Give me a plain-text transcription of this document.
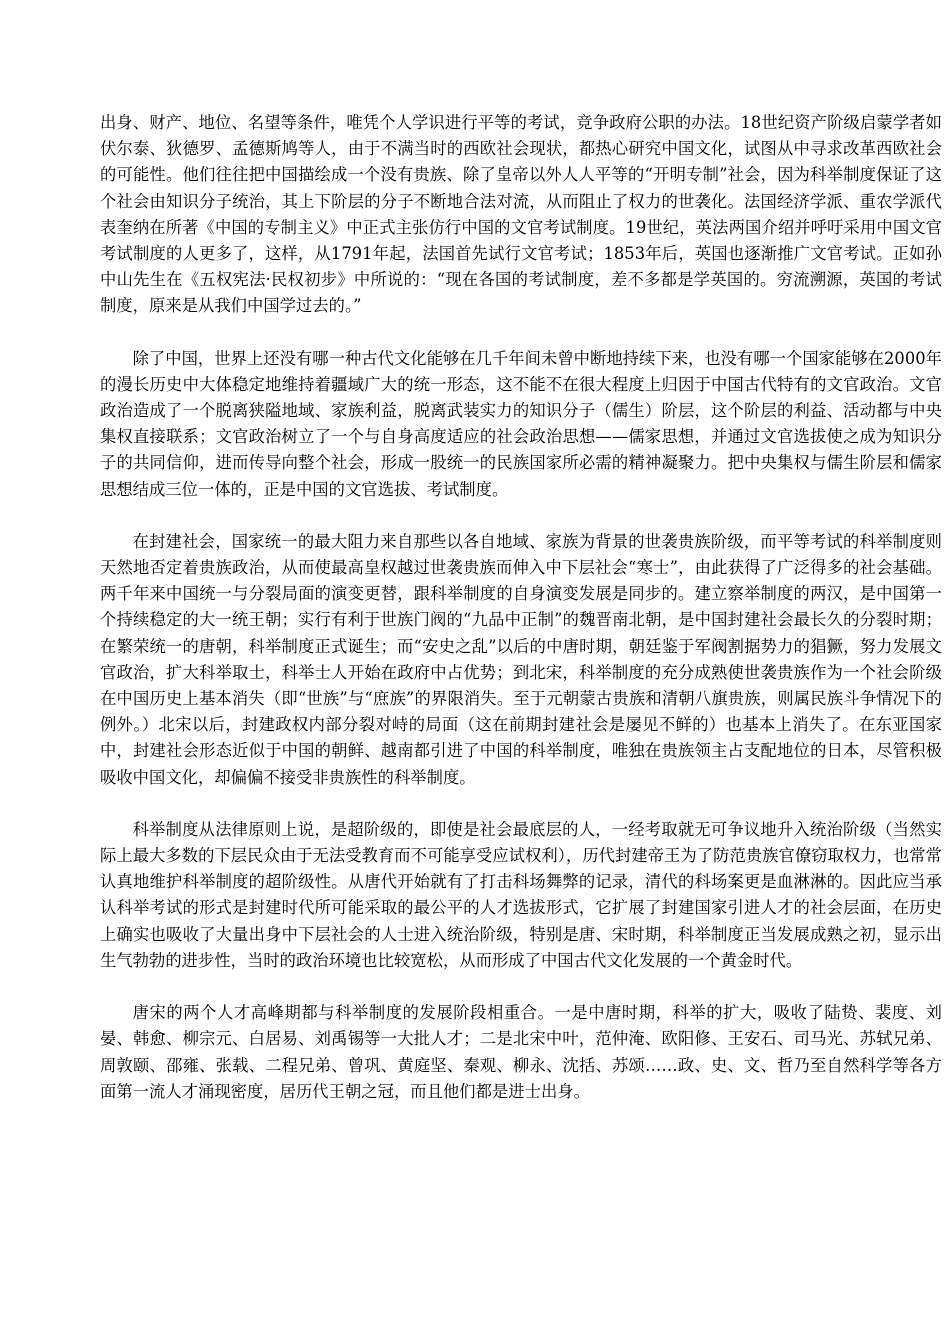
出身、财产、地位、名望等条件，唯凭个人学识进行平等的考试，竞争政府公职的办法。18世纪资产阶级启蒙学者如伏尔泰、狄德罗、孟德斯鸠等人，由于不满当时的西欧社会现状，都热心研究中国文化，试图从中寻求改革西欧社会的可能性。他们往往把中国描绘成一个没有贵族、除了皇帝以外人人平等的“开明专制”社会，因为科举制度保证了这个社会由知识分子统治，其上下阶层的分子不断地合法对流，从而阻止了权力的世袭化。法国经济学派、重农学派代表奎纳在所著《中国的专制主义》中正式主张仿行中国的文官考试制度。19世纪，英法两国介绍并呼吁采用中国文官考试制度的人更多了，这样，从1791年起，法国首先试行文官考试；1853年后，英国也逐渐推广文官考试。正如孙中山先生在《五权宪法·民权初步》中所说的：“现在各国的考试制度，差不多都是学英国的。穷流溯源，英国的考试制度，原来是从我们中国学过去的。”

除了中国，世界上还没有哪一种古代文化能够在几千年间未曾中断地持续下来，也没有哪一个国家能够在2000年的漫长历史中大体稳定地维持着疆域广大的统一形态，这不能不在很大程度上归因于中国古代特有的文官政治。文官政治造成了一个脱离狭隘地域、家族利益，脱离武装实力的知识分子（儒生）阶层，这个阶层的利益、活动都与中央集权直接联系；文官政治树立了一个与自身高度适应的社会政治思想——儒家思想，并通过文官选拔使之成为知识分子的共同信仰，进而传导向整个社会，形成一股统一的民族国家所必需的精神凝聚力。把中央集权与儒生阶层和儒家思想结成三位一体的，正是中国的文官选拔、考试制度。

在封建社会，国家统一的最大阻力来自那些以各自地域、家族为背景的世袭贵族阶级，而平等考试的科举制度则天然地否定着贵族政治，从而使最高皇权越过世袭贵族而伸入中下层社会“寒士”，由此获得了广泛得多的社会基础。两千年来中国统一与分裂局面的演变更替，跟科举制度的自身演变发展是同步的。建立察举制度的两汉，是中国第一个持续稳定的大一统王朝；实行有利于世族门阀的“九品中正制”的魏晋南北朝，是中国封建社会最长久的分裂时期；在繁荣统一的唐朝，科举制度正式诞生；而“安史之乱”以后的中唐时期，朝廷鉴于军阀割据势力的猖獗，努力发展文官政治，扩大科举取士，科举士人开始在政府中占优势；到北宋，科举制度的充分成熟使世袭贵族作为一个社会阶级在中国历史上基本消失（即“世族”与“庶族”的界限消失。至于元朝蒙古贵族和清朝八旗贵族，则属民族斗争情况下的例外。）北宋以后，封建政权内部分裂对峙的局面（这在前期封建社会是屡见不鲜的）也基本上消失了。在东亚国家中，封建社会形态近似于中国的朝鲜、越南都引进了中国的科举制度，唯独在贵族领主占支配地位的日本，尽管积极吸收中国文化，却偏偏不接受非贵族性的科举制度。

科举制度从法律原则上说，是超阶级的，即使是社会最底层的人，一经考取就无可争议地升入统治阶级（当然实际上最大多数的下层民众由于无法受教育而不可能享受应试权利），历代封建帝王为了防范贵族官僚窃取权力，也常常认真地维护科举制度的超阶级性。从唐代开始就有了打击科场舞弊的记录，清代的科场案更是血淋淋的。因此应当承认科举考试的形式是封建时代所可能采取的最公平的人才选拔形式，它扩展了封建国家引进人才的社会层面，在历史上确实也吸收了大量出身中下层社会的人士进入统治阶级，特别是唐、宋时期，科举制度正当发展成熟之初，显示出生气勃勃的进步性，当时的政治环境也比较宽松，从而形成了中国古代文化发展的一个黄金时代。

唐宋的两个人才高峰期都与科举制度的发展阶段相重合。一是中唐时期，科举的扩大，吸收了陆贽、裴度、刘晏、韩愈、柳宗元、白居易、刘禹锡等一大批人才；二是北宋中叶，范仲淹、欧阳修、王安石、司马光、苏轼兄弟、周敦颐、邵雍、张载、二程兄弟、曾巩、黄庭坚、秦观、柳永、沈括、苏颂……政、史、文、哲乃至自然科学等各方面第一流人才涌现密度，居历代王朝之冠，而且他们都是进士出身。
